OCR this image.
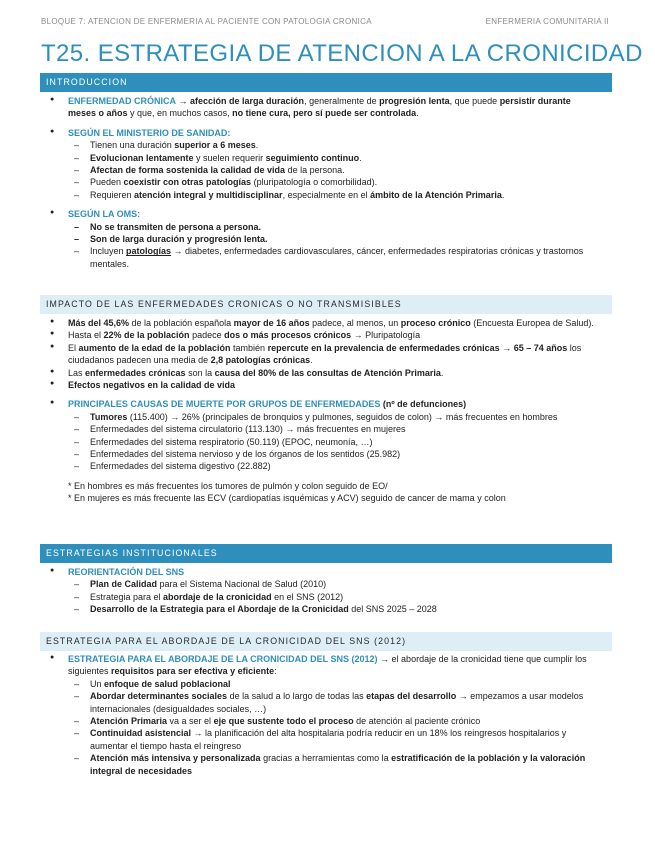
BLOQUE 7: ATENCION DE ENFERMERIA AL PACIENTE CON PATOLOGIA CRONICA	ENFERMERIA COMUNITARIA II
T25. ESTRATEGIA DE ATENCION A LA CRONICIDAD
INTRODUCCION
● ENFERMEDAD CRÓNICA → afección de larga duración, generalmente de progresión lenta, que puede persistir durante meses o años y que, en muchos casos, no tiene cura, pero sí puede ser controlada.
● SEGÚN EL MINISTERIO DE SANIDAD:
– Tienen una duración superior a 6 meses.
– Evolucionan lentamente y suelen requerir seguimiento continuo.
– Afectan de forma sostenida la calidad de vida de la persona.
– Pueden coexistir con otras patologías (pluripatología o comorbilidad).
– Requieren atención integral y multidisciplinar, especialmente en el ámbito de la Atención Primaria.
● SEGÚN LA OMS:
– No se transmiten de persona a persona.
– Son de larga duración y progresión lenta.
– Incluyen patologías → diabetes, enfermedades cardiovasculares, cáncer, enfermedades respiratorias crónicas y trastornos mentales.
IMPACTO DE LAS ENFERMEDADES CRONICAS O NO TRANSMISIBLES
● Más del 45,6% de la población española mayor de 16 años padece, al menos, un proceso crónico (Encuesta Europea de Salud).
● Hasta el 22% de la población padece dos o más procesos crónicos → Pluripatología
● El aumento de la edad de la población también repercute en la prevalencia de enfermedades crónicas → 65 – 74 años los ciudadanos padecen una media de 2,8 patologías crónicas.
● Las enfermedades crónicas son la causa del 80% de las consultas de Atención Primaria.
● Efectos negativos en la calidad de vida
● PRINCIPALES CAUSAS DE MUERTE POR GRUPOS DE ENFERMEDADES (nº de defunciones)
– Tumores (115.400) → 26% (principales de bronquios y pulmones, seguidos de colon) → más frecuentes en hombres
– Enfermedades del sistema circulatorio (113.130) → más frecuentes en mujeres
– Enfermedades del sistema respiratorio (50.119) (EPOC, neumonía, …)
– Enfermedades del sistema nervioso y de los órganos de los sentidos (25.982)
– Enfermedades del sistema digestivo (22.882)
* En hombres es más frecuentes los tumores de pulmón y colon seguido de EO/
* En mujeres es más frecuente las ECV (cardiopatías isquémicas y ACV) seguido de cancer de mama y colon
ESTRATEGIAS INSTITUCIONALES
● REORIENTACIÓN DEL SNS
– Plan de Calidad para el Sistema Nacional de Salud (2010)
– Estrategia para el abordaje de la cronicidad en el SNS (2012)
– Desarrollo de la Estrategia para el Abordaje de la Cronicidad del SNS 2025 – 2028
ESTRATEGIA PARA EL ABORDAJE DE LA CRONICIDAD DEL SNS (2012)
● ESTRATEGIA PARA EL ABORDAJE DE LA CRONICIDAD DEL SNS (2012) → el abordaje de la cronicidad tiene que cumplir los siguientes requisitos para ser efectiva y eficiente:
– Un enfoque de salud poblacional
– Abordar determinantes sociales de la salud a lo largo de todas las etapas del desarrollo → empezamos a usar modelos internacionales (desigualdades sociales, …)
– Atención Primaria va a ser el eje que sustente todo el proceso de atención al paciente crónico
– Continuidad asistencial → la planificación del alta hospitalaria podría reducir en un 18% los reingresos hospitalarios y aumentar el tiempo hasta el reingreso
– Atención más intensiva y personalizada gracias a herramientas como la estratificación de la población y la valoración integral de necesidades
